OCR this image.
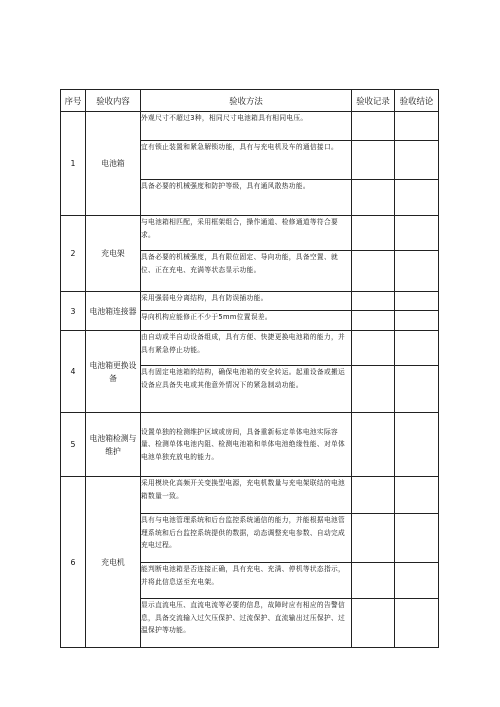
序号	验收内容	验收方法	验收记录	验收结论
1	电池箱	外观尺寸不超过3种，相同尺寸电池箱具有相同电压。		
		宜有锁止装置和紧急解锁功能，具有与充电机及车的通信接口。		
		具备必要的机械强度和防护等级，具有通风散热功能。		
2	充电架	与电池箱相匹配，采用框架组合，操作通道、检修通道等符合要求。		
		具备必要的机械强度，具有限位固定、导向功能，具备空置、就位、正在充电、充满等状态显示功能。		
3	电池箱连接器	采用强弱电分离结构，具有防误插功能。		
		导向机构应能修正不少于5mm位置误差。		
4	电池箱更换设备	由自动或半自动设备组成，具有方便、快捷更换电池箱的能力，并具有紧急停止功能。		
		具有固定电池箱的结构，确保电池箱的安全转运。起重设备或搬运设备应具备失电或其他意外情况下的紧急制动功能。		
5	电池箱检测与维护	设置单独的检测维护区域或房间，具备重新标定单体电池实际容量、检测单体电池内阻、检测电池箱和单体电池绝缘性能、对单体电池单独充放电的能力。		
6	充电机	采用模块化高频开关变换型电源，充电机数量与充电架联结的电池箱数量一致。		
		具有与电池管理系统和后台监控系统通信的能力，并能根据电池管理系统和后台监控系统提供的数据，动态调整充电参数、自动完成充电过程。		
		能判断电池箱是否连接正确，具有充电、充满、停机等状态指示，并将此信息送至充电架。		
		显示直流电压、直流电流等必要的信息，故障时应有相应的告警信息，具备交流输入过欠压保护、过流保护、直流输出过压保护、过温保护等功能。		
